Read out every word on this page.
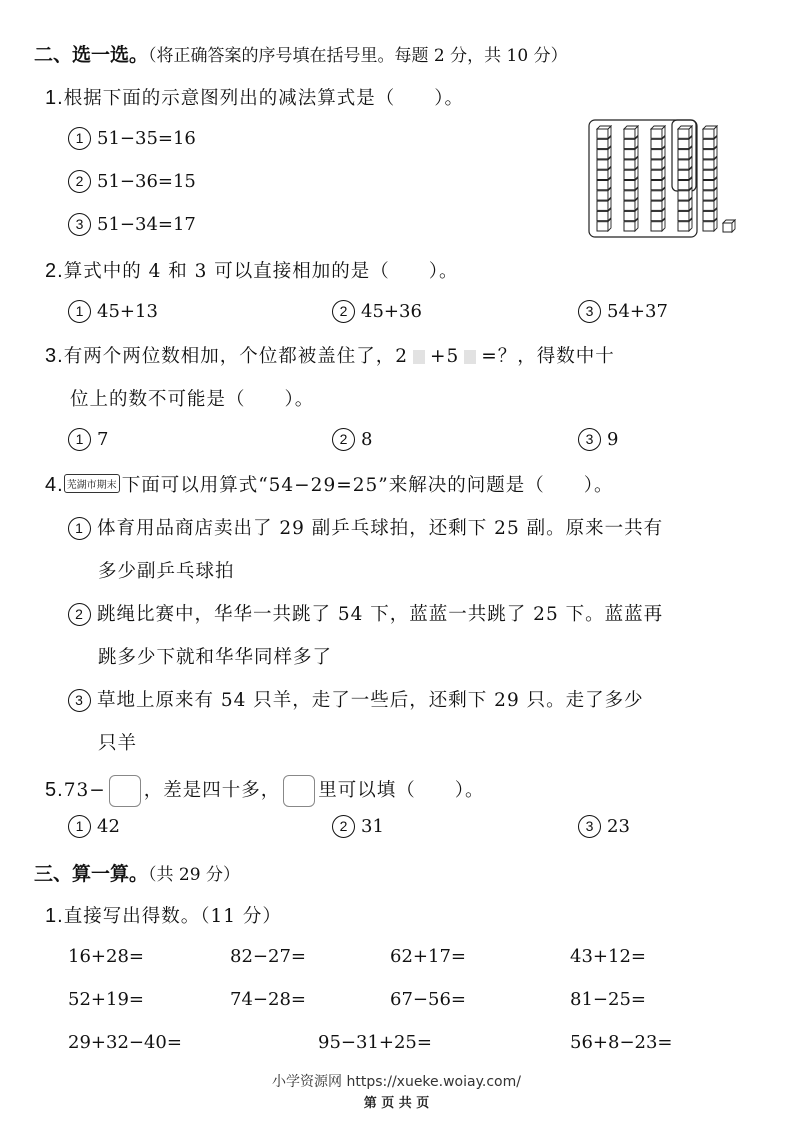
二、选一选。（将正确答案的序号填在括号里。每题 2 分，共 10 分）
1.根据下面的示意图列出的减法算式是（　　）。
1 51−35=16
2 51−36=15
3 51−34=17
2.算式中的 4 和 3 可以直接相加的是（　　）。
1 45+13	2 45+36	3 54+37
3.有两个两位数相加，个位都被盖住了，2 +5 =？，得数中十
位上的数不可能是（　　）。
1 7	2 8	3 9
4. 芜湖市期末 下面可以用算式“54−29=25”来解决的问题是（　　）。
1 体育用品商店卖出了 29 副乒乓球拍，还剩下 25 副。原来一共有
多少副乒乓球拍
2 跳绳比赛中，华华一共跳了 54 下，蓝蓝一共跳了 25 下。蓝蓝再
跳多少下就和华华同样多了
3 草地上原来有 54 只羊，走了一些后，还剩下 29 只。走了多少
只羊
5.73− ，差是四十多， 里可以填（　　）。
1 42	2 31	3 23
三、算一算。（共 29 分）
1.直接写出得数。（11 分）
16+28=	82−27=	62+17=	43+12=
52+19=	74−28=	67−56=	81−25=
29+32−40=	95−31+25=	56+8−23=
小学资源网 https://xueke.woiay.com/
第 页 共 页
